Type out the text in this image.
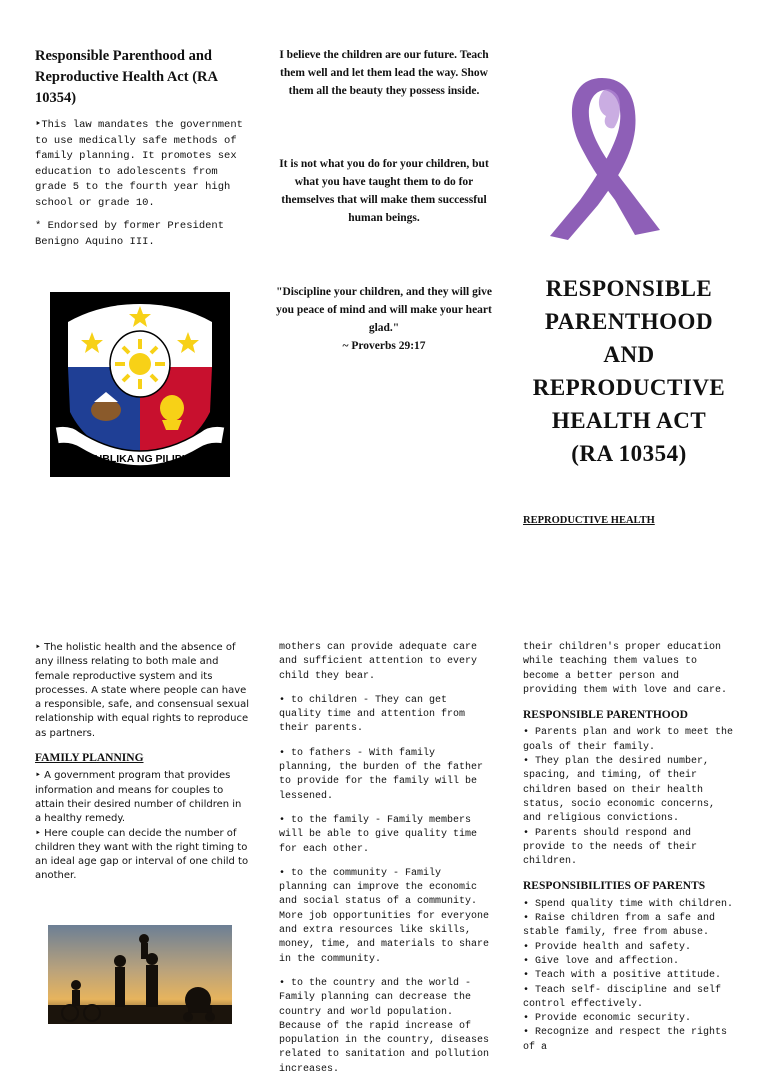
Responsible Parenthood and Reproductive Health Act (RA 10354)

‣This law mandates the government to use medically safe methods of family planning. It promotes sex education to adolescents from grade 5 to the fourth year high school or grade 10.

* Endorsed by former President Benigno Aquino III.

REPUBLIKA NG PILIPINAS
I believe the children are our future. Teach them well and let them lead the way. Show them all the beauty they possess inside.
It is not what you do for your children, but what you have taught them to do for themselves that will make them successful human beings.
"Discipline your children, and they will give you peace of mind and will make your heart glad."
~ Proverbs 29:17
RESPONSIBLE
PARENTHOOD
AND
REPRODUCTIVE
HEALTH ACT
(RA 10354)
REPRODUCTIVE HEALTH

‣ The holistic health and the absence of any illness relating to both male and female reproductive system and its processes. A state where people can have a responsible, safe, and consensual sexual relationship with equal rights to reproduce as partners.

FAMILY PLANNING

‣ A government program that provides information and means for couples to attain their desired number of children in a healthy remedy.

‣ Here couple can decide the number of children they want with the right timing to an ideal age gap or interval of one child to another.

mothers can provide adequate care and sufficient attention to every child they bear.

• to children - They can get quality time and attention from their parents.

• to fathers - With family planning, the burden of the father to provide for the family will be lessened.

• to the family - Family members will be able to give quality time for each other.

• to the community - Family planning can improve the economic and social status of a community. More job opportunities for everyone and extra resources like skills, money, time, and materials to share in the community.

• to the country and the world - Family planning can decrease the country and world population. Because of the rapid increase of population in the country, diseases related to sanitation and pollution increases.

their children's proper education while teaching them values to become a better person and providing them with love and care.

RESPONSIBLE PARENTHOOD

• Parents plan and work to meet the goals of their family.

• They plan the desired number, spacing, and timing, of their children based on their health status, socio economic concerns, and religious convictions.

• Parents should respond and provide to the needs of their children.

RESPONSIBILITIES OF PARENTS

• Spend quality time with children.

• Raise children from a safe and stable family, free from abuse.

• Provide health and safety.

• Give love and affection.

• Teach with a positive attitude.

• Teach self- discipline and self control effectively.

• Provide economic security.

• Recognize and respect the rights of a
